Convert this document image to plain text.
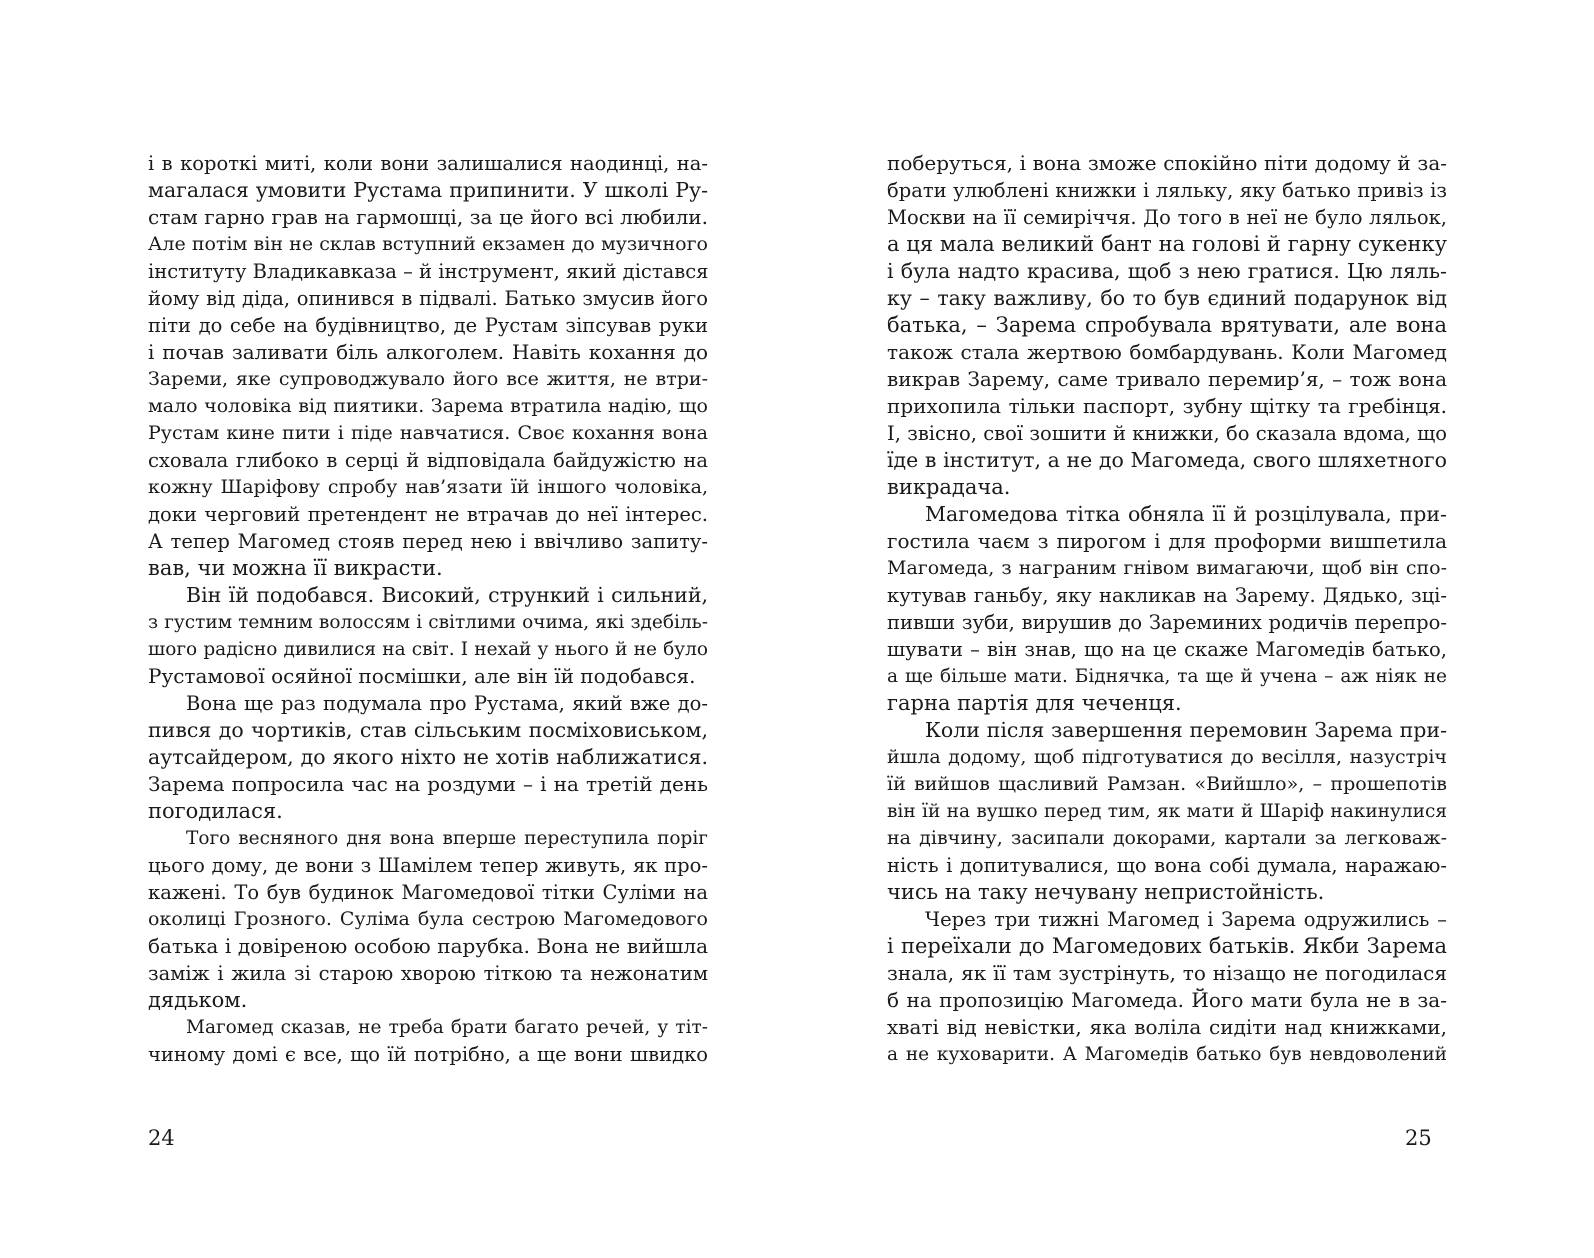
і в короткі миті, коли вони залишалися наодинці, на-
магалася умовити Рустама припинити. У школі Ру-
стам гарно грав на гармошці, за це його всі любили.
Але потім він не склав вступний екзамен до музичного
інституту Владикавказа – й інструмент, який дістався
йому від діда, опинився в підвалі. Батько змусив його
піти до себе на будівництво, де Рустам зіпсував руки
і почав заливати біль алкоголем. Навіть кохання до
Зареми, яке супроводжувало його все життя, не втри-
мало чоловіка від пиятики. Зарема втратила надію, що
Рустам кине пити і піде навчатися. Своє кохання вона
сховала глибоко в серці й відповідала байдужістю на
кожну Шаріфову спробу нав’язати їй іншого чоловіка,
доки черговий претендент не втрачав до неї інтерес.
А тепер Магомед стояв перед нею і ввічливо запиту-
вав, чи можна її викрасти.
Він їй подобався. Високий, стрункий і сильний,
з густим темним волоссям і світлими очима, які здебіль-
шого радісно дивилися на світ. І нехай у нього й не було
Рустамової осяйної посмішки, але він їй подобався.
Вона ще раз подумала про Рустама, який вже до-
пився до чортиків, став сільським посміховиськом,
аутсайдером, до якого ніхто не хотів наближатися.
Зарема попросила час на роздуми – і на третій день
погодилася.
Того весняного дня вона вперше переступила поріг
цього дому, де вони з Шамілем тепер живуть, як про-
кажені. То був будинок Магомедової тітки Суліми на
околиці Грозного. Суліма була сестрою Магомедового
батька і довіреною особою парубка. Вона не вийшла
заміж і жила зі старою хворою тіткою та нежонатим
дядьком.
Магомед сказав, не треба брати багато речей, у тіт-
чиному домі є все, що їй потрібно, а ще вони швидко
поберуться, і вона зможе спокійно піти додому й за-
брати улюблені книжки і ляльку, яку батько привіз із
Москви на її семиріччя. До того в неї не було ляльок,
а ця мала великий бант на голові й гарну сукенку
і була надто красива, щоб з нею гратися. Цю ляль-
ку – таку важливу, бо то був єдиний подарунок від
батька, – Зарема спробувала врятувати, але вона
також стала жертвою бомбардувань. Коли Магомед
викрав Зарему, саме тривало перемир’я, – тож вона
прихопила тільки паспорт, зубну щітку та гребінця.
І, звісно, свої зошити й книжки, бо сказала вдома, що
їде в інститут, а не до Магомеда, свого шляхетного
викрадача.
Магомедова тітка обняла її й розцілувала, при-
гостила чаєм з пирогом і для проформи вишпетила
Магомеда, з награним гнівом вимагаючи, щоб він спо-
кутував ганьбу, яку накликав на Зарему. Дядько, зці-
пивши зуби, вирушив до Зареминих родичів перепро-
шувати – він знав, що на це скаже Магомедів батько,
а ще більше мати. Біднячка, та ще й учена – аж ніяк не
гарна партія для чеченця.
Коли після завершення перемовин Зарема при-
йшла додому, щоб підготуватися до весілля, назустріч
їй вийшов щасливий Рамзан. «Вийшло», – прошепотів
він їй на вушко перед тим, як мати й Шаріф накинулися
на дівчину, засипали докорами, картали за легковаж-
ність і допитувалися, що вона собі думала, наражаю-
чись на таку нечувану непристойність.
Через три тижні Магомед і Зарема одружились –
і переїхали до Магомедових батьків. Якби Зарема
знала, як її там зустрінуть, то нізащо не погодилася
б на пропозицію Магомеда. Його мати була не в за-
хваті від невістки, яка воліла сидіти над книжками,
а не куховарити. А Магомедів батько був невдоволений
24	25
